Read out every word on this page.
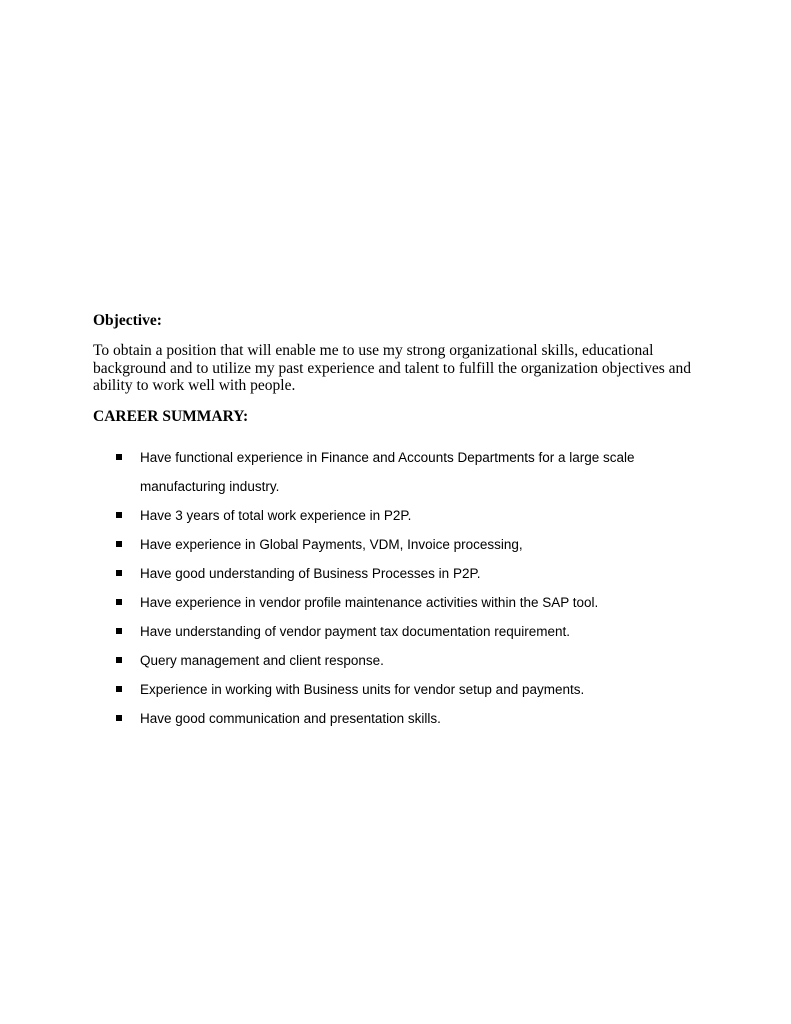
Objective:

To obtain a position that will enable me to use my strong organizational skills, educational
background and to utilize my past experience and talent to fulfill the organization objectives and
ability to work well with people.

CAREER SUMMARY:
Have functional experience in Finance and Accounts Departments for a large scale
manufacturing industry.
Have 3 years of total work experience in P2P.
Have experience in Global Payments, VDM, Invoice processing,
Have good understanding of Business Processes in P2P.
Have experience in vendor profile maintenance activities within the SAP tool.
Have understanding of vendor payment tax documentation requirement.
Query management and client response.
Experience in working with Business units for vendor setup and payments.
Have good communication and presentation skills.
